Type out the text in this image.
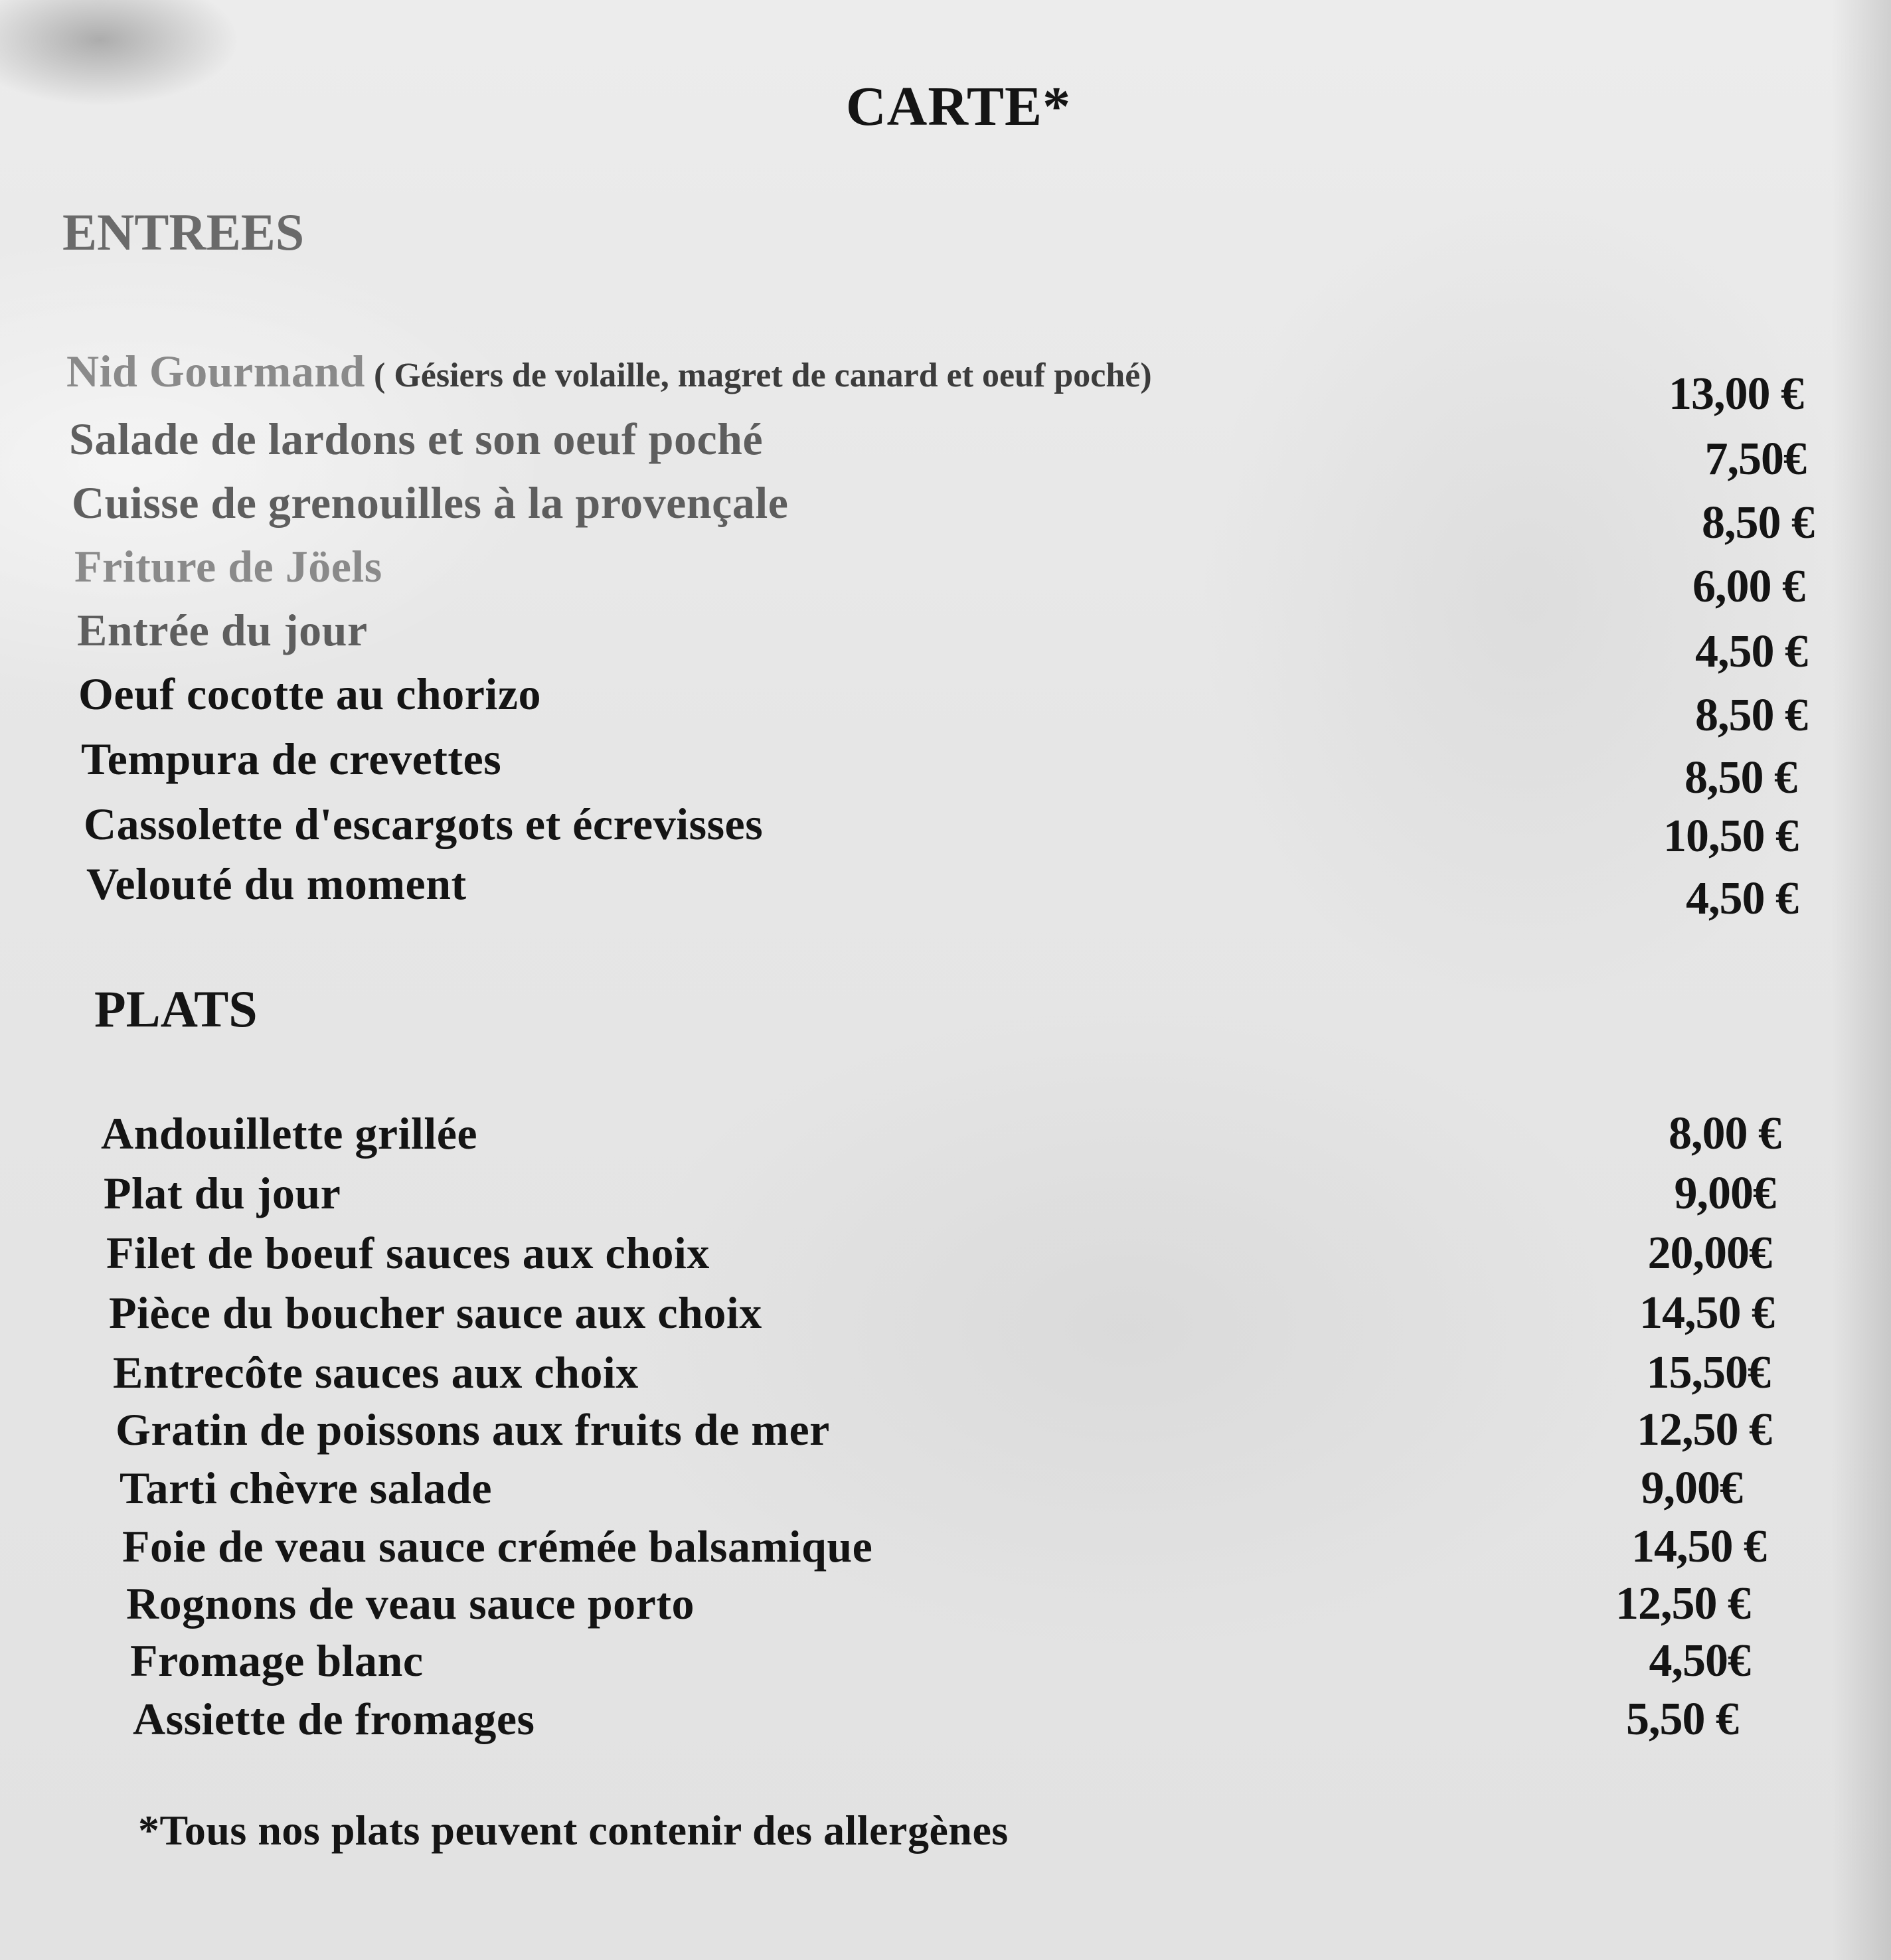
CARTE*
ENTREES
Nid Gourmand ( Gésiers de volaille, magret de canard et oeuf poché)	13,00 €
Salade de lardons et son oeuf poché	7,50€
Cuisse de grenouilles à la provençale	8,50 €
Friture de Jöels	6,00 €
Entrée du jour	4,50 €
Oeuf cocotte au chorizo	8,50 €
Tempura de crevettes	8,50 €
Cassolette d'escargots et écrevisses	10,50 €
Velouté du moment	4,50 €
PLATS
Andouillette grillée	8,00 €
Plat du jour	9,00€
Filet de boeuf sauces aux choix	20,00€
Pièce du boucher sauce aux choix	14,50 €
Entrecôte sauces aux choix	15,50€
Gratin de poissons aux fruits de mer	12,50 €
Tarti chèvre salade	9,00€
Foie de veau sauce crémée balsamique	14,50 €
Rognons de veau sauce porto	12,50 €
Fromage blanc	4,50€
Assiette de fromages	5,50 €
*Tous nos plats peuvent contenir des allergènes
